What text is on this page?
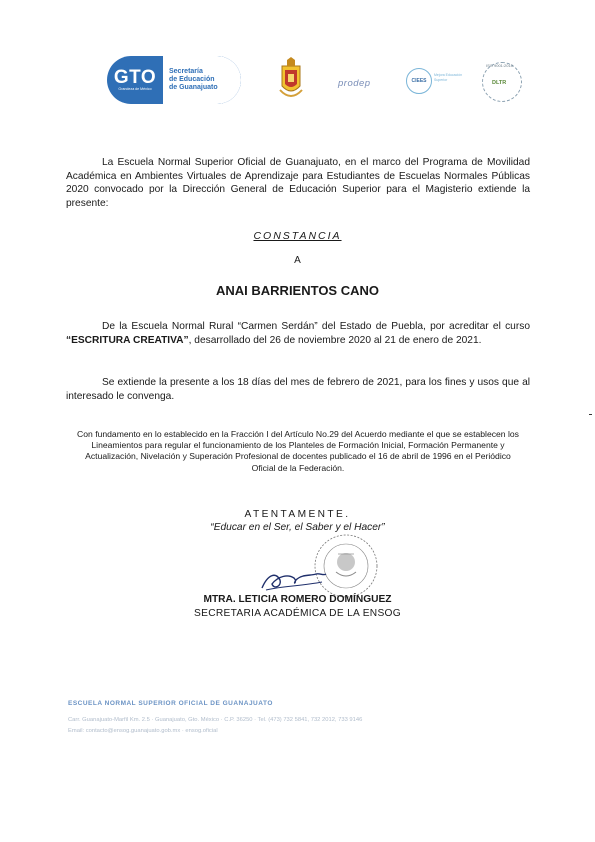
GTO
Grandeza de México
Secretaría
de Educación
de Guanajuato	prodep	CIEES
Mejora Educación Superior
ISO 9001:2015
DLTR
La Escuela Normal Superior Oficial de Guanajuato, en el marco del Programa de Movilidad Académica en Ambientes Virtuales de Aprendizaje para Estudiantes de Escuelas Normales Públicas 2020 convocado por la Dirección General de Educación Superior para el Magisterio extiende la presente:
CONSTANCIA
A
ANAI BARRIENTOS CANO
De la Escuela Normal Rural “Carmen Serdán” del Estado de Puebla, por acreditar el curso “ESCRITURA CREATIVA”, desarrollado del 26 de noviembre 2020 al 21 de enero de 2021.
Se extiende la presente a los 18 días del mes de febrero de 2021, para los fines y usos que al interesado le convenga.
Con fundamento en lo establecido en la Fracción I del Artículo No.29 del Acuerdo mediante el que se establecen los Lineamientos para regular el funcionamiento de los Planteles de Formación Inicial, Formación Permanente y Actualización, Nivelación y Superación Profesional de docentes publicado el 16 de abril de 1996 en el Periódico Oficial de la Federación.
ATENTAMENTE.
“Educar en el Ser, el Saber y el Hacer”
MTRA. LETICIA ROMERO DOMÍNGUEZ
SECRETARIA ACADÉMICA DE LA ENSOG
ESCUELA NORMAL SUPERIOR OFICIAL DE GUANAJUATO
Carr. Guanajuato-Marfil Km. 2.5 · Guanajuato, Gto. México · C.P. 36250 · Tel. (473) 732 5841, 732 2012, 733 9146
Email: contacto@ensog.guanajuato.gob.mx · ensog.oficial
